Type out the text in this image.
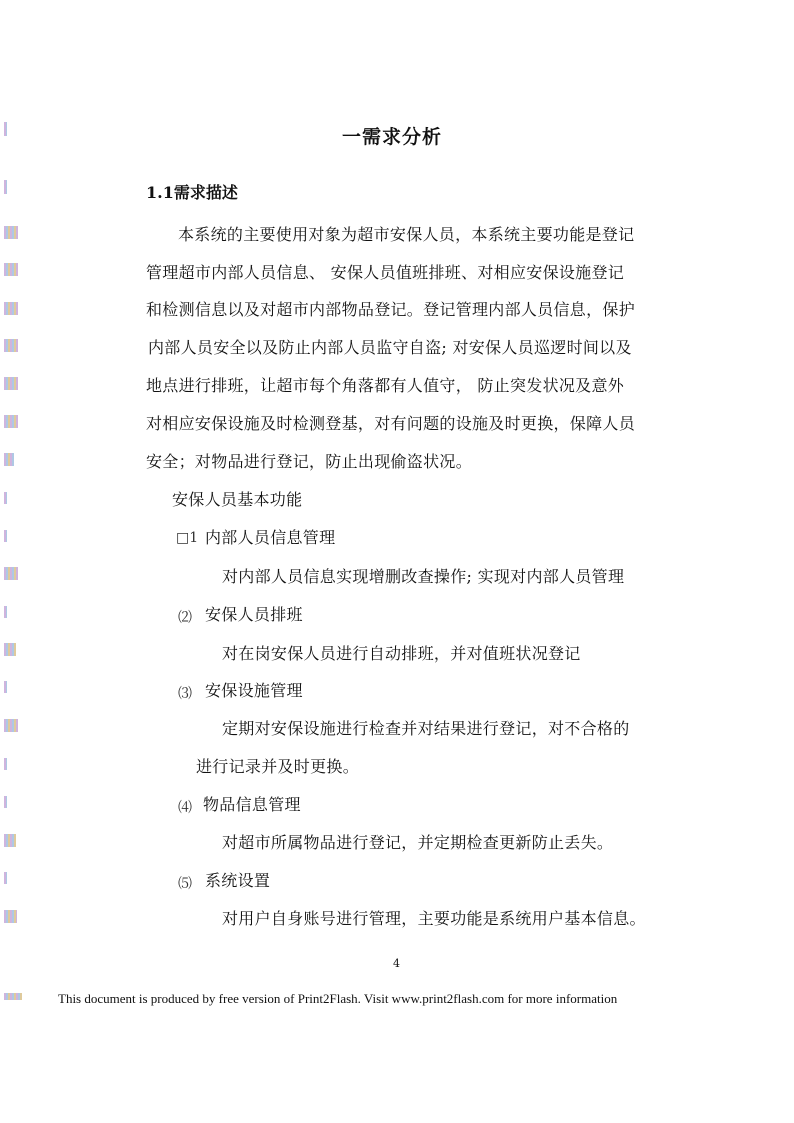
一需求分析
1.1需求描述
本系统的主要使用对象为超市安保人员，本系统主要功能是登记
管理超市内部人员信息、 安保人员值班排班、对相应安保设施登记
和检测信息以及对超市内部物品登记。登记管理内部人员信息，保护
内部人员安全以及防止内部人员监守自盗; 对安保人员巡逻时间以及
地点进行排班，让超市每个角落都有人值守， 防止突发状况及意外
对相应安保设施及时检测登基，对有问题的设施及时更换，保障人员
安全；对物品进行登记，防止出现偷盗状况。
安保人员基本功能
□1 内部人员信息管理
对内部人员信息实现增删改查操作; 实现对内部人员管理
⑵ 安保人员排班
对在岗安保人员进行自动排班，并对值班状况登记
⑶ 安保设施管理
定期对安保设施进行检查并对结果进行登记，对不合格的
进行记录并及时更换。
⑷ 物品信息管理
对超市所属物品进行登记，并定期检查更新防止丢失。
⑸ 系统设置
对用户自身账号进行管理，主要功能是系统用户基本信息。
4
This document is produced by free version of Print2Flash. Visit www.print2flash.com for more information
